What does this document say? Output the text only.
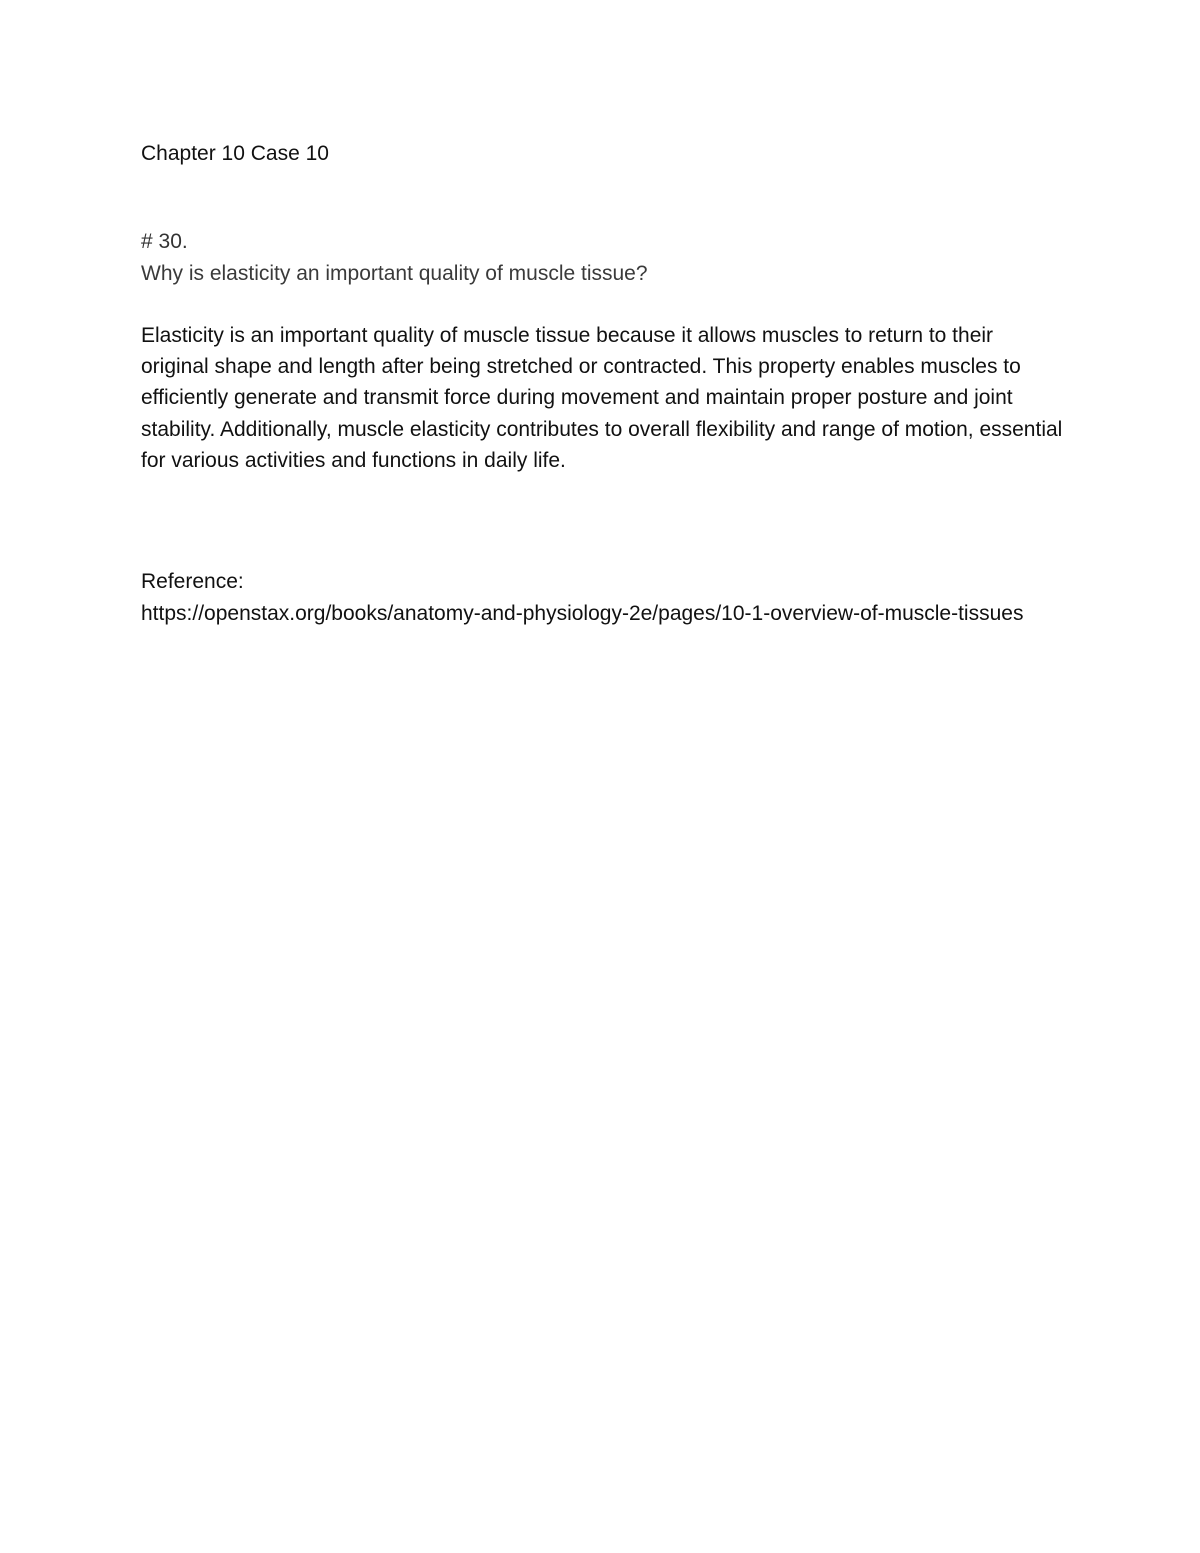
Chapter 10 Case 10

# 30.

Why is elasticity an important quality of muscle tissue?

Elasticity is an important quality of muscle tissue because it allows muscles to return to their original shape and length after being stretched or contracted. This property enables muscles to efficiently generate and transmit force during movement and maintain proper posture and joint stability. Additionally, muscle elasticity contributes to overall flexibility and range of motion, essential for various activities and functions in daily life.

Reference:

https://openstax.org/books/anatomy-and-physiology-2e/pages/10-1-overview-of-muscle-tissues
